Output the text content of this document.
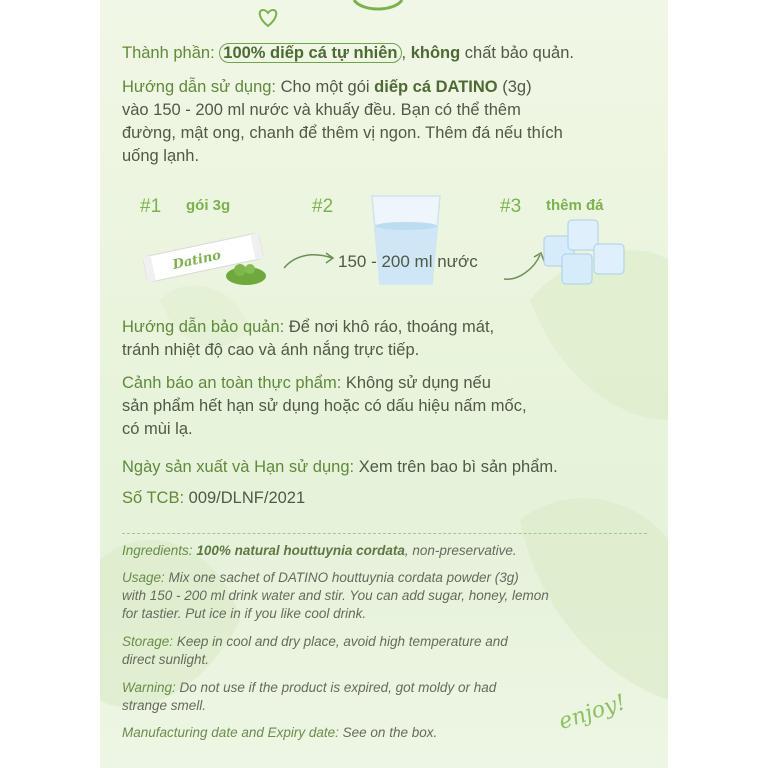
Thành phần: 100% diếp cá tự nhiên , không chất bảo quản.
Hướng dẫn sử dụng: Cho một gói diếp cá DATINO (3g)
vào 150 - 200 ml nước và khuấy đều. Bạn có thể thêm
đường, mật ong, chanh để thêm vị ngon. Thêm đá nếu thích
uống lạnh.
#1 gói 3g
Datino
#2
150 - 200 ml nước
#3 thêm đá
Hướng dẫn bảo quản: Để nơi khô ráo, thoáng mát,
tránh nhiệt độ cao và ánh nắng trực tiếp.
Cảnh báo an toàn thực phẩm: Không sử dụng nếu
sản phẩm hết hạn sử dụng hoặc có dấu hiệu nấm mốc,
có mùi lạ.
Ngày sản xuất và Hạn sử dụng: Xem trên bao bì sản phẩm.
Số TCB: 009/DLNF/2021
Ingredients: 100% natural houttuynia cordata, non-preservative.
Usage: Mix one sachet of DATINO houttuynia cordata powder (3g)
with 150 - 200 ml drink water and stir. You can add sugar, honey, lemon
for tastier. Put ice in if you like cool drink.
Storage: Keep in cool and dry place, avoid high temperature and
direct sunlight.
Warning: Do not use if the product is expired, got moldy or had
strange smell.
Manufacturing date and Expiry date: See on the box.	enjoy!
